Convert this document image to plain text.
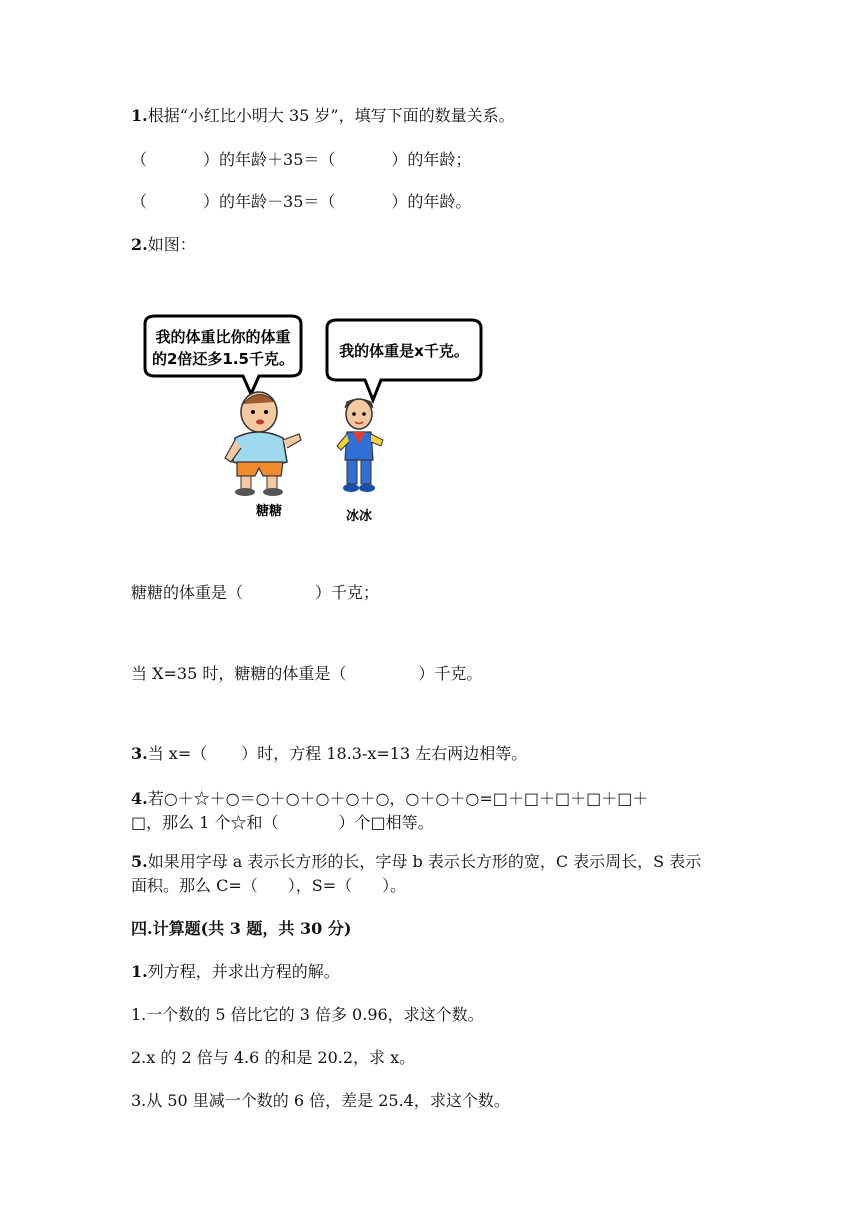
1.根据“小红比小明大 35 岁”，填写下面的数量关系。
（	）的年龄＋35＝（	）的年龄；
（	）的年龄－35＝（	）的年龄。
2.如图：
我的体重比你的体重
的2倍还多1.5千克。	我的体重是x千克。
糖糖	冰冰
糖糖的体重是（	）千克；
当 X=35 时，糖糖的体重是（	）千克。
3.当 x=（ ）时，方程 18.3-x=13 左右两边相等。
4.若○＋☆＋○＝○＋○＋○＋○＋○，○＋○＋○=□＋□＋□＋□＋□＋
□，那么 1 个☆和（	）个□相等。
5.如果用字母 a 表示长方形的长，字母 b 表示长方形的宽，C 表示周长，S 表示
面积。那么 C=（ ），S=（ ）。
四.计算题(共 3 题，共 30 分)
1.列方程，并求出方程的解。
1.一个数的 5 倍比它的 3 倍多 0.96，求这个数。
2.x 的 2 倍与 4.6 的和是 20.2，求 x。
3.从 50 里减一个数的 6 倍，差是 25.4，求这个数。
